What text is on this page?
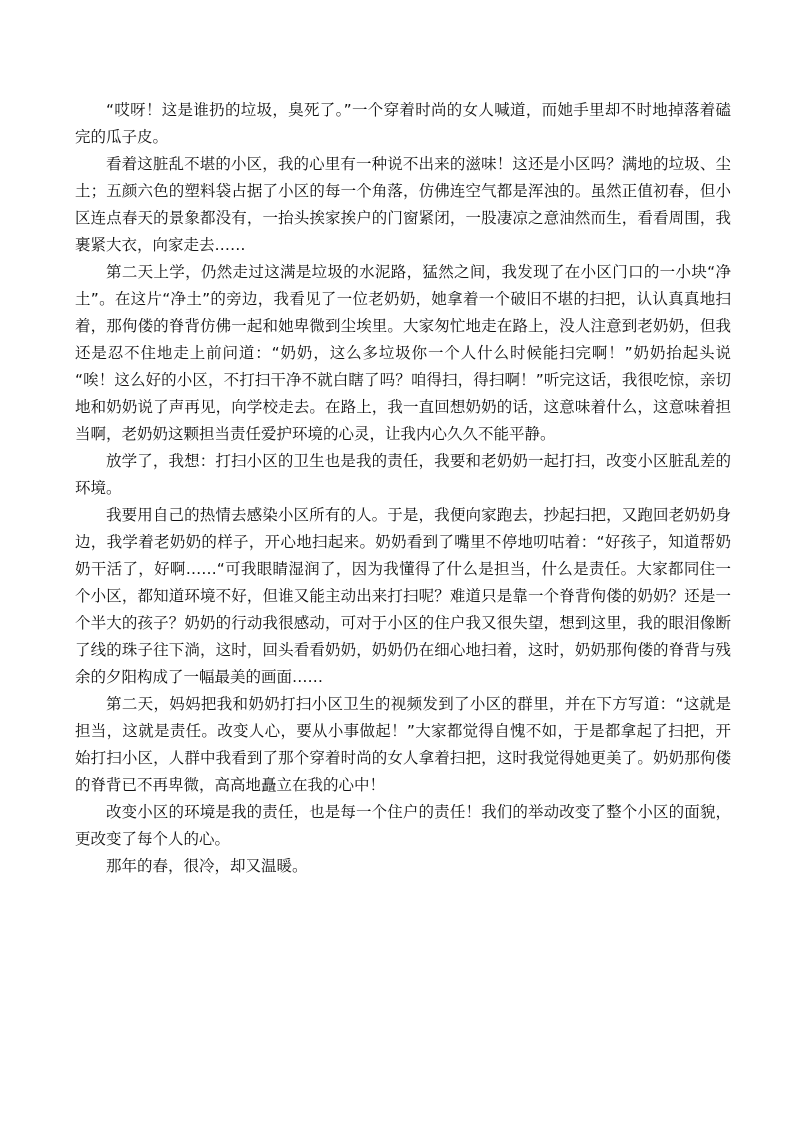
“哎呀！这是谁扔的垃圾，臭死了。”一个穿着时尚的女人喊道，而她手里却不时地掉落着磕完的瓜子皮。

看着这脏乱不堪的小区，我的心里有一种说不出来的滋味！这还是小区吗？满地的垃圾、尘土；五颜六色的塑料袋占据了小区的每一个角落，仿佛连空气都是浑浊的。虽然正值初春，但小区连点春天的景象都没有，一抬头挨家挨户的门窗紧闭，一股凄凉之意油然而生，看看周围，我裹紧大衣，向家走去……

第二天上学，仍然走过这满是垃圾的水泥路，猛然之间，我发现了在小区门口的一小块“净土”。在这片“净土”的旁边，我看见了一位老奶奶，她拿着一个破旧不堪的扫把，认认真真地扫着，那佝偻的脊背仿佛一起和她卑微到尘埃里。大家匆忙地走在路上，没人注意到老奶奶，但我还是忍不住地走上前问道：“奶奶，这么多垃圾你一个人什么时候能扫完啊！”奶奶抬起头说 “唉！这么好的小区，不打扫干净不就白瞎了吗？咱得扫，得扫啊！”听完这话，我很吃惊，亲切地和奶奶说了声再见，向学校走去。在路上，我一直回想奶奶的话，这意味着什么，这意味着担当啊，老奶奶这颗担当责任爱护环境的心灵，让我内心久久不能平静。

放学了，我想：打扫小区的卫生也是我的责任，我要和老奶奶一起打扫，改变小区脏乱差的环境。

我要用自己的热情去感染小区所有的人。于是，我便向家跑去，抄起扫把，又跑回老奶奶身边，我学着老奶奶的样子，开心地扫起来。奶奶看到了嘴里不停地叨咕着：“好孩子，知道帮奶奶干活了，好啊……“可我眼睛湿润了，因为我懂得了什么是担当，什么是责任。大家都同住一个小区，都知道环境不好，但谁又能主动出来打扫呢？难道只是靠一个脊背佝偻的奶奶？还是一个半大的孩子？奶奶的行动我很感动，可对于小区的住户我又很失望，想到这里，我的眼泪像断了线的珠子往下淌，这时，回头看看奶奶，奶奶仍在细心地扫着，这时，奶奶那佝偻的脊背与残余的夕阳构成了一幅最美的画面……

第二天，妈妈把我和奶奶打扫小区卫生的视频发到了小区的群里，并在下方写道：“这就是担当，这就是责任。改变人心，要从小事做起！”大家都觉得自愧不如，于是都拿起了扫把，开始打扫小区，人群中我看到了那个穿着时尚的女人拿着扫把，这时我觉得她更美了。奶奶那佝偻的脊背已不再卑微，高高地矗立在我的心中！

改变小区的环境是我的责任，也是每一个住户的责任！我们的举动改变了整个小区的面貌，更改变了每个人的心。

那年的春，很冷，却又温暖。
